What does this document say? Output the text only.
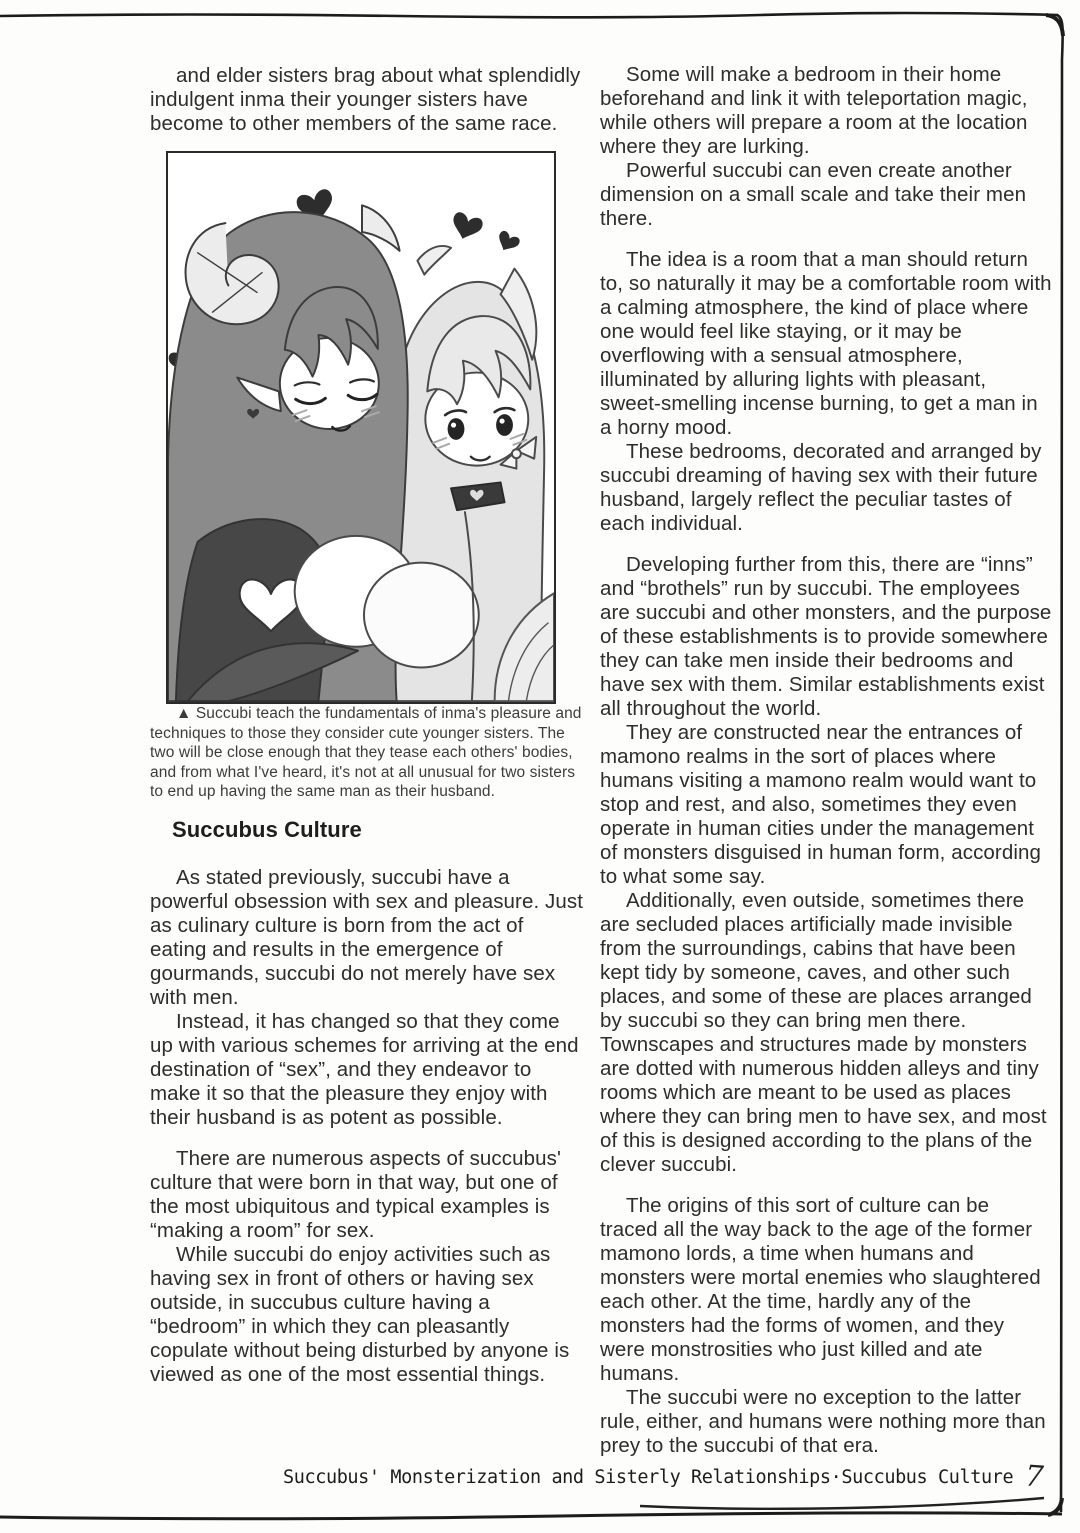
and elder sisters brag about what splendidly indulgent inma their younger sisters have become to other members of the same race.

▲ Succubi teach the fundamentals of inma's pleasure and techniques to those they consider cute younger sisters. The two will be close enough that they tease each others' bodies, and from what I've heard, it's not at all unusual for two sisters to end up having the same man as their husband.

Succubus Culture

As stated previously, succubi have a powerful obsession with sex and pleasure. Just as culinary culture is born from the act of eating and results in the emergence of gourmands, succubi do not merely have sex with men.

Instead, it has changed so that they come up with various schemes for arriving at the end destination of “sex”, and they endeavor to make it so that the pleasure they enjoy with their husband is as potent as possible.

There are numerous aspects of succubus' culture that were born in that way, but one of the most ubiquitous and typical examples is “making a room” for sex.

While succubi do enjoy activities such as having sex in front of others or having sex outside, in succubus culture having a “bedroom” in which they can pleasantly copulate without being disturbed by anyone is viewed as one of the most essential things.

Some will make a bedroom in their home beforehand and link it with teleportation magic, while others will prepare a room at the location where they are lurking.

Powerful succubi can even create another dimension on a small scale and take their men there.

The idea is a room that a man should return to, so naturally it may be a comfortable room with a calming atmosphere, the kind of place where one would feel like staying, or it may be overflowing with a sensual atmosphere, illuminated by alluring lights with pleasant, sweet-smelling incense burning, to get a man in a horny mood.

These bedrooms, decorated and arranged by succubi dreaming of having sex with their future husband, largely reflect the peculiar tastes of each individual.

Developing further from this, there are “inns” and “brothels” run by succubi. The employees are succubi and other monsters, and the purpose of these establishments is to provide somewhere they can take men inside their bedrooms and have sex with them. Similar establishments exist all throughout the world.

They are constructed near the entrances of mamono realms in the sort of places where humans visiting a mamono realm would want to stop and rest, and also, sometimes they even operate in human cities under the management of monsters disguised in human form, according to what some say.

Additionally, even outside, sometimes there are secluded places artificially made invisible from the surroundings, cabins that have been kept tidy by someone, caves, and other such places, and some of these are places arranged by succubi so they can bring men there. Townscapes and structures made by monsters are dotted with numerous hidden alleys and tiny rooms which are meant to be used as places where they can bring men to have sex, and most of this is designed according to the plans of the clever succubi.

The origins of this sort of culture can be traced all the way back to the age of the former mamono lords, a time when humans and monsters were mortal enemies who slaughtered each other. At the time, hardly any of the monsters had the forms of women, and they were monstrosities who just killed and ate humans.

The succubi were no exception to the latter rule, either, and humans were nothing more than prey to the succubi of that era.

Succubus' Monsterization and Sisterly Relationships·Succubus Culture 7
